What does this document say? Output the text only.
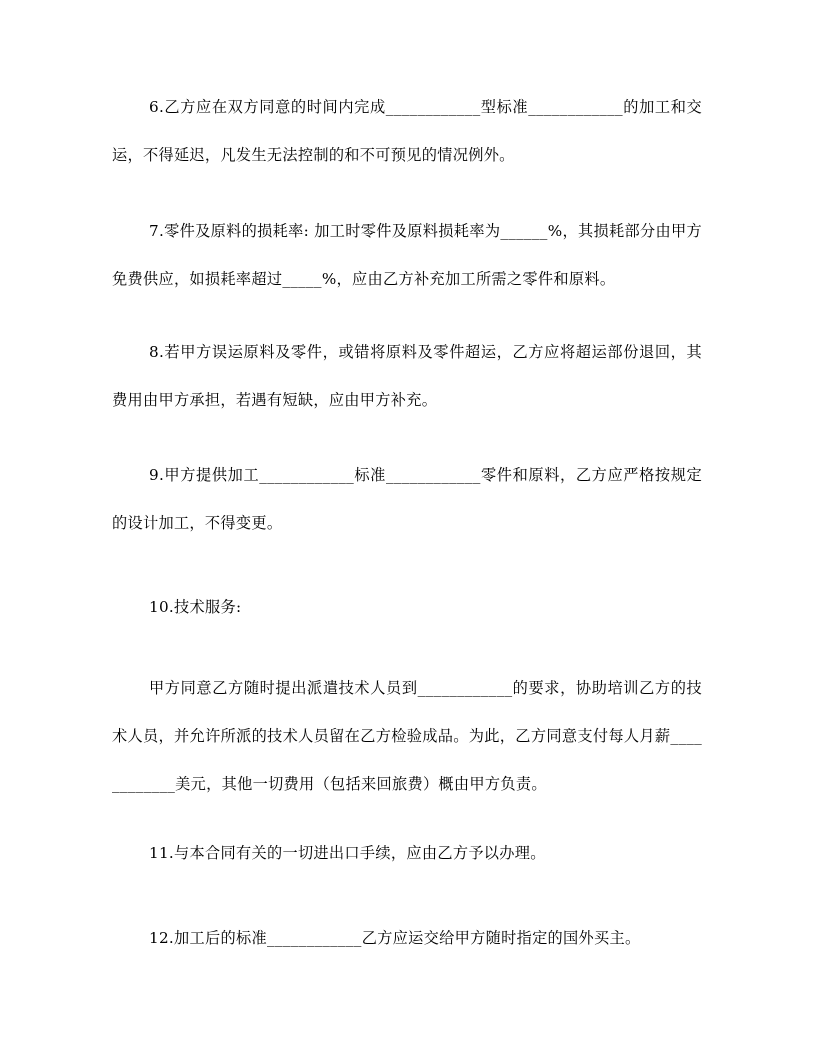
6.乙方应在双方同意的时间内完成____________型标准____________的加工和交运，不得延迟，凡发生无法控制的和不可预见的情况例外。

7.零件及原料的损耗率: 加工时零件及原料损耗率为______%，其损耗部分由甲方免费供应，如损耗率超过_____%，应由乙方补充加工所需之零件和原料。

8.若甲方误运原料及零件，或错将原料及零件超运，乙方应将超运部份退回，其费用由甲方承担，若遇有短缺，应由甲方补充。

9.甲方提供加工____________标准____________零件和原料，乙方应严格按规定的设计加工，不得变更。

10.技术服务:

甲方同意乙方随时提出派遣技术人员到____________的要求，协助培训乙方的技术人员，并允许所派的技术人员留在乙方检验成品。为此，乙方同意支付每人月薪____________美元，其他一切费用（包括来回旅费）概由甲方负责。

11.与本合同有关的一切进出口手续，应由乙方予以办理。

12.加工后的标准____________乙方应运交给甲方随时指定的国外买主。
